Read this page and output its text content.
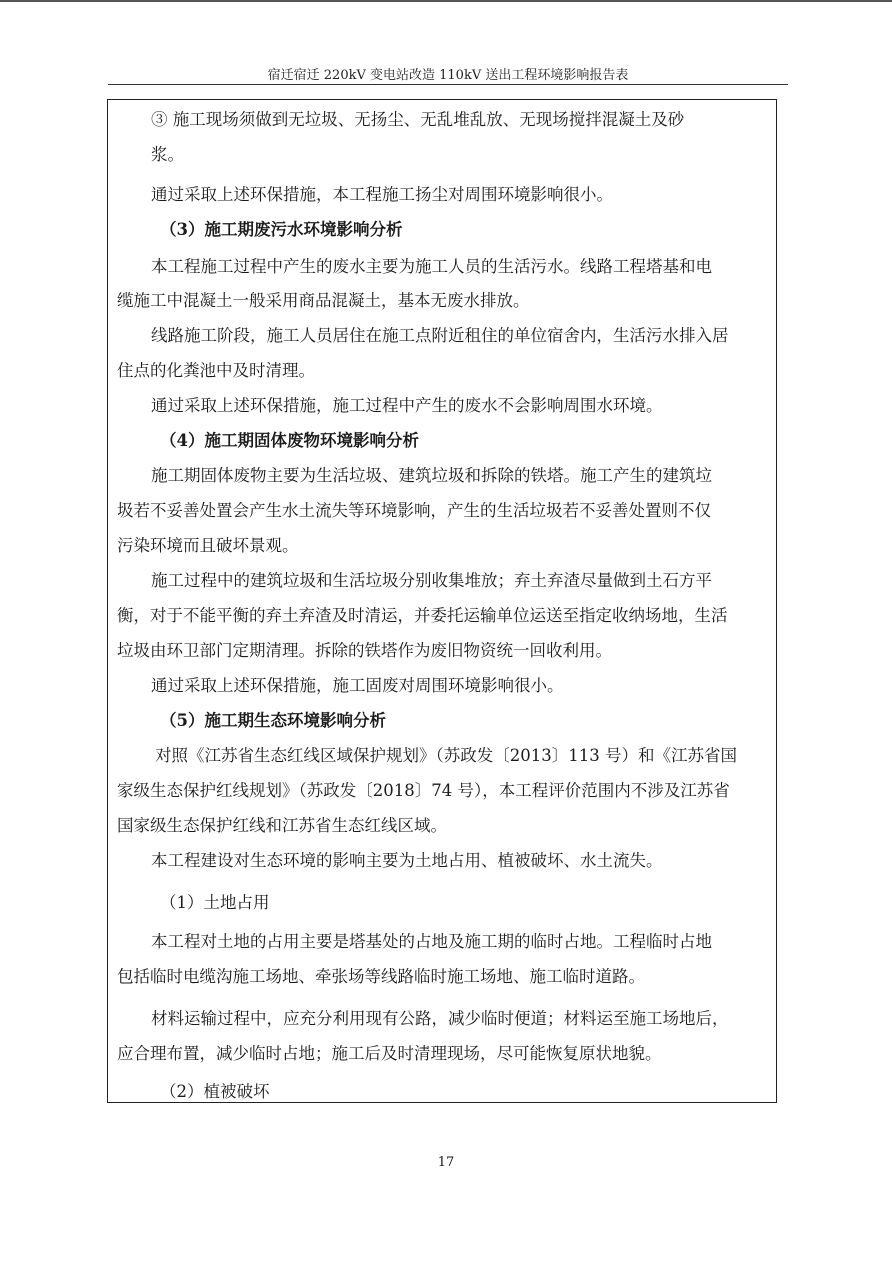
宿迁宿迁 220kV 变电站改造 110kV 送出工程环境影响报告表
③ 施工现场须做到无垃圾、无扬尘、无乱堆乱放、无现场搅拌混凝土及砂
浆。
通过采取上述环保措施，本工程施工扬尘对周围环境影响很小。
（3）施工期废污水环境影响分析
本工程施工过程中产生的废水主要为施工人员的生活污水。线路工程塔基和电
缆施工中混凝土一般采用商品混凝土，基本无废水排放。
线路施工阶段，施工人员居住在施工点附近租住的单位宿舍内，生活污水排入居
住点的化粪池中及时清理。
通过采取上述环保措施，施工过程中产生的废水不会影响周围水环境。
（4）施工期固体废物环境影响分析
施工期固体废物主要为生活垃圾、建筑垃圾和拆除的铁塔。施工产生的建筑垃
圾若不妥善处置会产生水土流失等环境影响，产生的生活垃圾若不妥善处置则不仅
污染环境而且破坏景观。
施工过程中的建筑垃圾和生活垃圾分别收集堆放；弃土弃渣尽量做到土石方平
衡，对于不能平衡的弃土弃渣及时清运，并委托运输单位运送至指定收纳场地，生活
垃圾由环卫部门定期清理。拆除的铁塔作为废旧物资统一回收利用。
通过采取上述环保措施，施工固废对周围环境影响很小。
（5）施工期生态环境影响分析
对照《江苏省生态红线区域保护规划》（苏政发〔2013〕113 号）和《江苏省国
家级生态保护红线规划》（苏政发〔2018〕74 号），本工程评价范围内不涉及江苏省
国家级生态保护红线和江苏省生态红线区域。
本工程建设对生态环境的影响主要为土地占用、植被破坏、水土流失。
（1）土地占用
本工程对土地的占用主要是塔基处的占地及施工期的临时占地。工程临时占地
包括临时电缆沟施工场地、牵张场等线路临时施工场地、施工临时道路。
材料运输过程中，应充分利用现有公路，减少临时便道；材料运至施工场地后，
应合理布置，减少临时占地；施工后及时清理现场，尽可能恢复原状地貌。
（2）植被破坏
17
